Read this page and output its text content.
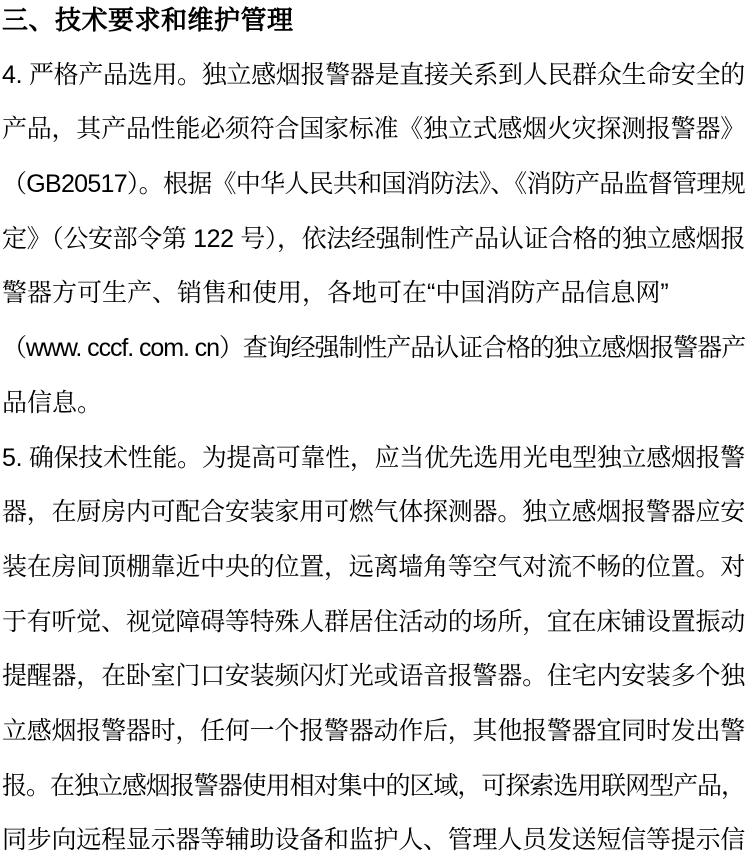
三、技术要求和维护管理
4. 严格产品选用。独立感烟报警器是直接关系到人民群众生命安全的
产品，其产品性能必须符合国家标准《独立式感烟火灾探测报警器》
（GB20517）。根据《中华人民共和国消防法》、《消防产品监督管理规
定》（公安部令第 122 号），依法经强制性产品认证合格的独立感烟报
警器方可生产、销售和使用，各地可在“中国消防产品信息网”
（www. cccf. com. cn）查询经强制性产品认证合格的独立感烟报警器产
品信息。
5. 确保技术性能。为提高可靠性，应当优先选用光电型独立感烟报警
器，在厨房内可配合安装家用可燃气体探测器。独立感烟报警器应安
装在房间顶棚靠近中央的位置，远离墙角等空气对流不畅的位置。对
于有听觉、视觉障碍等特殊人群居住活动的场所，宜在床铺设置振动
提醒器，在卧室门口安装频闪灯光或语音报警器。住宅内安装多个独
立感烟报警器时，任何一个报警器动作后，其他报警器宜同时发出警
报。在独立感烟报警器使用相对集中的区域，可探索选用联网型产品，
同步向远程显示器等辅助设备和监护人、管理人员发送短信等提示信
